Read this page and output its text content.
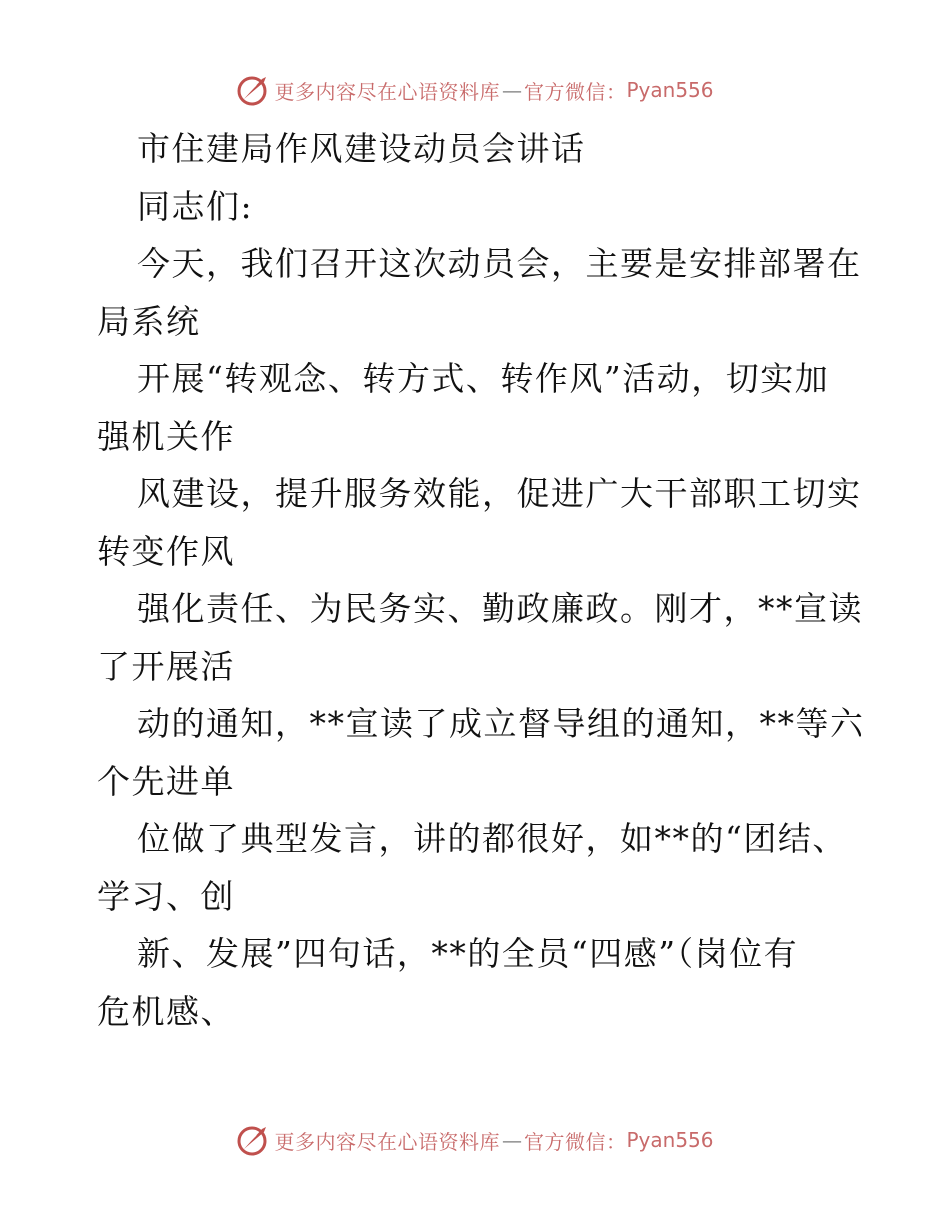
更多内容尽在心语资料库 — 官方微信： Pyan556
市住建局作风建设动员会讲话
同志们:
今天，我们召开这次动员会，主要是安排部署在
局系统
开展“转观念、转方式、转作风”活动，切实加
强机关作
风建设，提升服务效能，促进广大干部职工切实
转变作风
强化责任、为民务实、勤政廉政。刚才，**宣读
了开展活
动的通知，**宣读了成立督导组的通知，**等六
个先进单
位做了典型发言，讲的都很好，如**的“团结、
学习、创
新、发展”四句话，**的全员“四感”（岗位有
危机感、
更多内容尽在心语资料库 — 官方微信： Pyan556
